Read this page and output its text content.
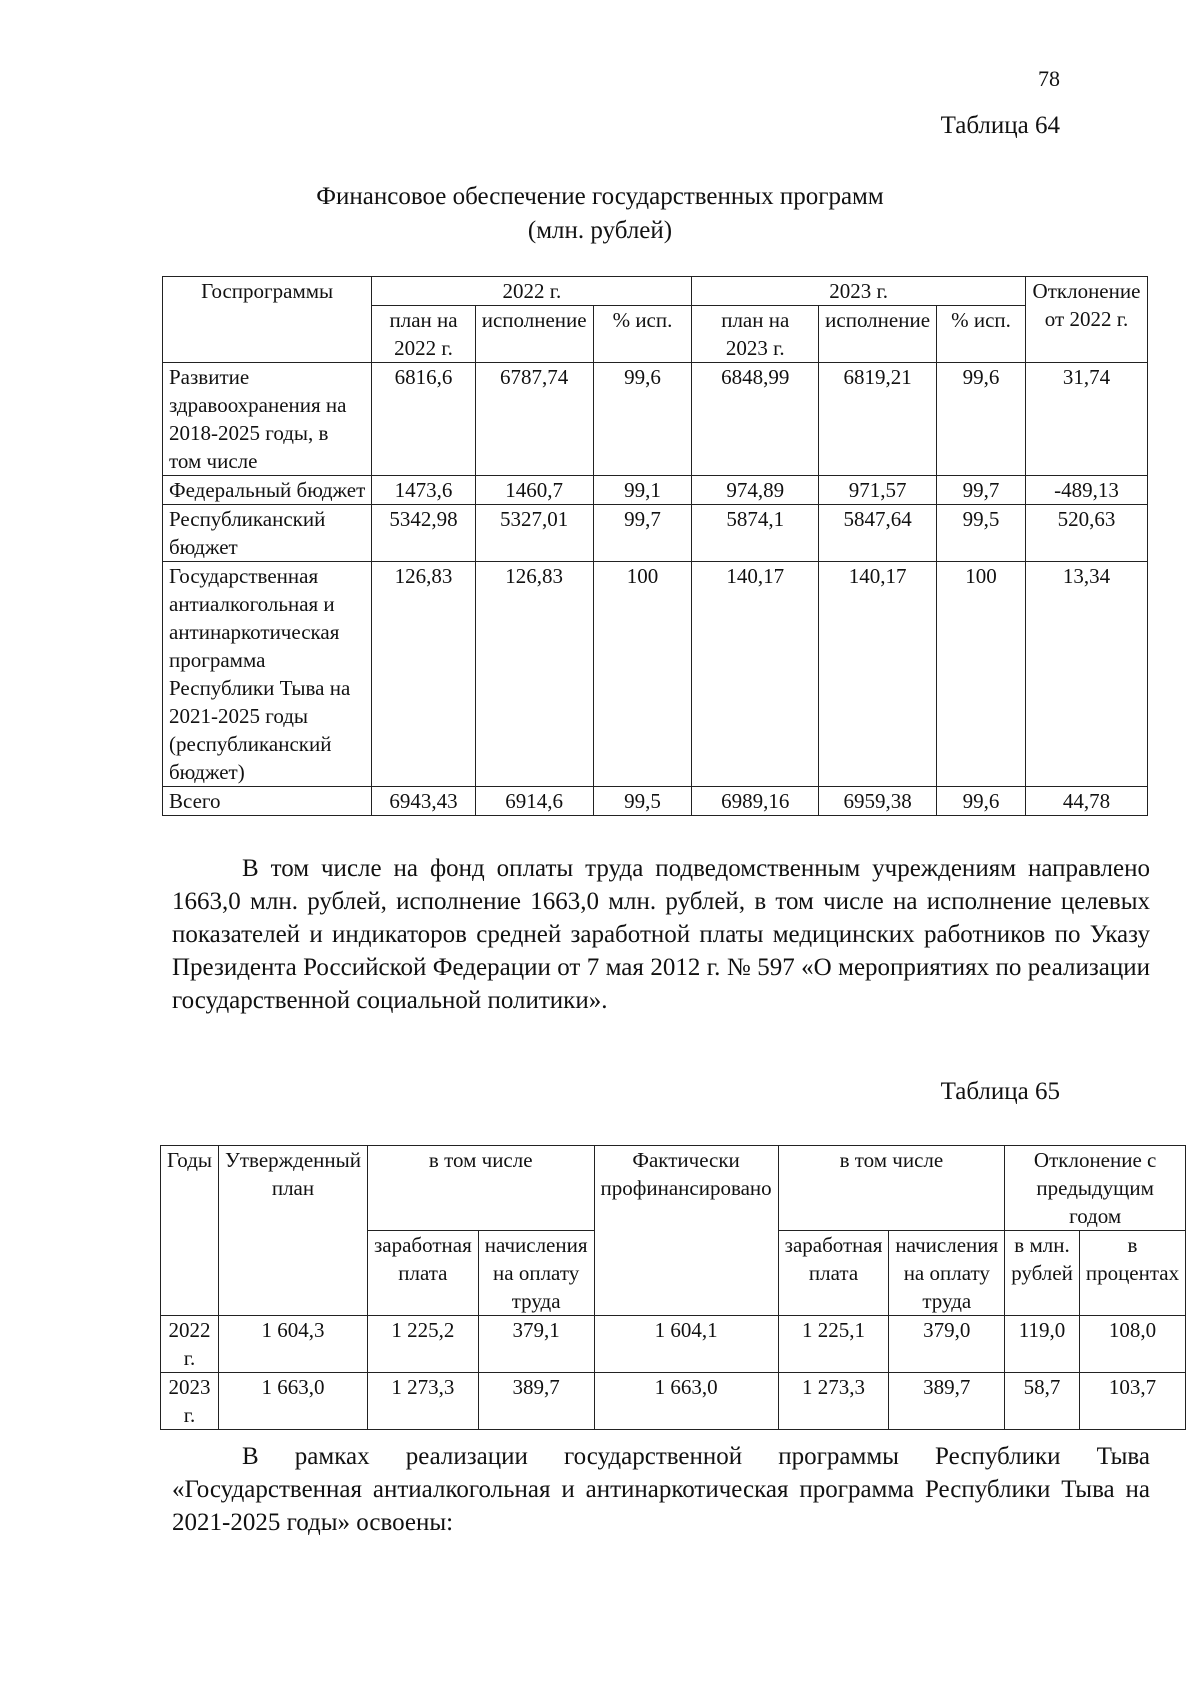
78
Таблица 64
Финансовое обеспечение государственных программ
(млн. рублей)
Госпрограммы	2022 г.			2023 г.			Отклонение от 2022 г.
	план на 2022 г.	исполнение	% исп.	план на 2023 г.	исполнение	% исп.	
Развитие здравоохранения на 2018-2025 годы, в том числе	6816,6	6787,74	99,6	6848,99	6819,21	99,6	31,74
Федеральный бюджет	1473,6	1460,7	99,1	974,89	971,57	99,7	-489,13
Республиканский бюджет	5342,98	5327,01	99,7	5874,1	5847,64	99,5	520,63
Государственная антиалкогольная и антинаркотическая программа Республики Тыва на 2021-2025 годы (республиканский бюджет)	126,83	126,83	100	140,17	140,17	100	13,34
Всего	6943,43	6914,6	99,5	6989,16	6959,38	99,6	44,78
В том числе на фонд оплаты труда подведомственным учреждениям направлено 1663,0 млн. рублей, исполнение 1663,0 млн. рублей, в том числе на исполнение целевых показателей и индикаторов средней заработной платы медицинских работников по Указу Президента Российской Федерации от 7 мая 2012 г. № 597 «О мероприятиях по реализации государственной социальной политики».
Таблица 65
Годы	Утвержденный план	в том числе		Фактически профинансировано	в том числе		Отклонение с предыдущим годом	
		заработная плата	начисления на оплату труда		заработная плата	начисления на оплату труда	в млн. рублей	в процентах
2022 г.	1 604,3	1 225,2	379,1	1 604,1	1 225,1	379,0	119,0	108,0
2023 г.	1 663,0	1 273,3	389,7	1 663,0	1 273,3	389,7	58,7	103,7
В рамках реализации государственной программы Республики Тыва «Государственная антиалкогольная и антинаркотическая программа Республики Тыва на 2021-2025 годы» освоены:
